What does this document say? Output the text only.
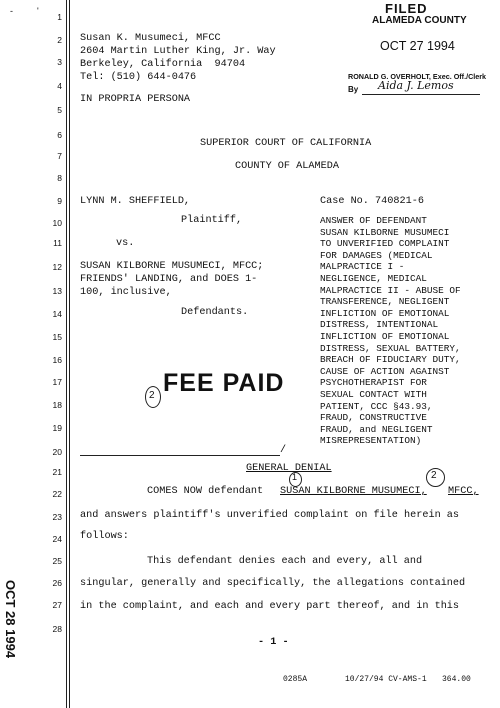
-	'
1
2
3
4
5
6
7
8
9
10
11
12
13
14
15
16
17
18
19
20
21
22
23
24
25
26
27
28
FILED
ALAMEDA COUNTY
OCT 27 1994
RONALD G. OVERHOLT, Exec. Off./Clerk
By Aida J. Lemos
Susan K. Musumeci, MFCC
2604 Martin Luther King, Jr. Way
Berkeley, California  94704
Tel: (510) 644-0476
IN PROPRIA PERSONA
SUPERIOR COURT OF CALIFORNIA
COUNTY OF ALAMEDA
LYNN M. SHEFFIELD,
Plaintiff,
vs.
SUSAN KILBORNE MUSUMECI, MFCC;
FRIENDS' LANDING, and DOES 1-
100, inclusive,
Defendants.
/
2 FEE PAID
Case No. 740821-6
ANSWER OF DEFENDANT
SUSAN KILBORNE MUSUMECI
TO UNVERIFIED COMPLAINT
FOR DAMAGES (MEDICAL
MALPRACTICE I -
NEGLIGENCE, MEDICAL
MALPRACTICE II - ABUSE OF
TRANSFERENCE, NEGLIGENT
INFLICTION OF EMOTIONAL
DISTRESS, INTENTIONAL
INFLICTION OF EMOTIONAL
DISTRESS, SEXUAL BATTERY,
BREACH OF FIDUCIARY DUTY,
CAUSE OF ACTION AGAINST
PSYCHOTHERAPIST FOR
SEXUAL CONTACT WITH
PATIENT, CCC §43.93,
FRAUD, CONSTRUCTIVE
FRAUD, and NEGLIGENT
MISREPRESENTATION)
GENERAL DENIAL
1	2
COMES NOW defendant SUSAN KILBORNE MUSUMECI, MFCC,
and answers plaintiff's unverified complaint on file herein as
follows:
This defendant denies each and every, all and
singular, generally and specifically, the allegations contained
in the complaint, and each and every part thereof, and in this
- 1 -
0285A	10/27/94 CV-AMS-1 364.00
OCT 28 1994
